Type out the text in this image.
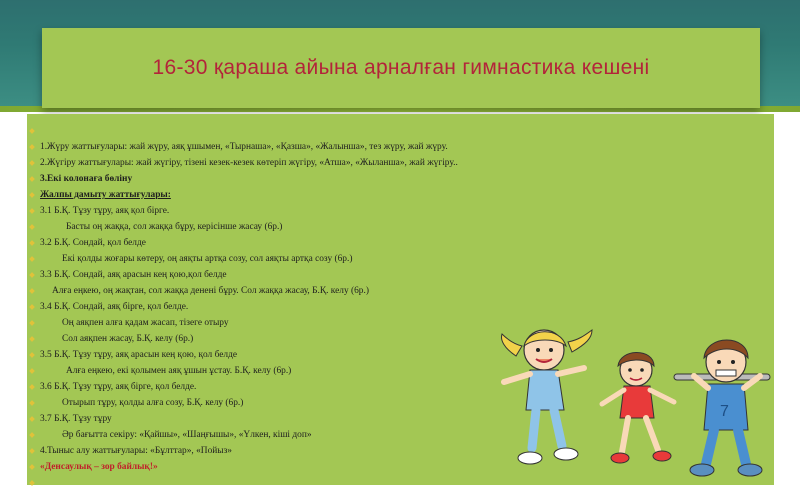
16-30 қараша айына арналған гимнастика кешені
1.Жүру жаттығулары: жай жүру, аяқ ұшымен, «Тырнаша», «Қазша», «Жалынша», тез жүру, жай жүру.
2.Жүгіру жаттығулары: жай жүгіру, тізені кезек-кезек көтеріп жүгіру, «Атша», «Жыланша», жай жүгіру..
3.Екі колонаға бөліну
Жалпы дамыту жаттығулары:
3.1 Б.Қ. Тұзу тұру, аяқ қол бірге.
Басты оң жаққа, сол жаққа бұру, керісінше жасау (6р.)
3.2 Б.Қ. Сондай, қол белде
Екі қолды жоғары көтеру, оң аяқты артқа созу, сол аяқты артқа созу (6р.)
3.3 Б.Қ. Сондай, аяқ арасын кең қою,қол белде
Алға еңкею, оң жақтан, сол жаққа денені бұру. Сол жаққа жасау, Б.Қ. келу (6р.)
3.4 Б.Қ. Сондай, аяқ бірге, қол белде.
Оң аяқпен алға қадам жасап, тізеге отыру
Сол аяқпен жасау, Б.Қ. келу (6р.)
3.5 Б.Қ. Тұзу тұру, аяқ арасын кең қою, қол белде
Алға еңкею, екі қолымен аяқ ұшын ұстау. Б.Қ. келу (6р.)
3.6 Б.Қ. Тұзу тұру, аяқ бірге, қол белде.
Отырып тұру, қолды алға созу, Б.Қ. келу (6р.)
3.7 Б.Қ. Тұзу тұру
Әр бағытта секіру: «Қайшы», «Шаңғышы», «Үлкен, кіші доп»
4.Тыныс алу жаттығулары: «Бұлттар», «Пойыз»
«Денсаулық – зор байлық!»
7
